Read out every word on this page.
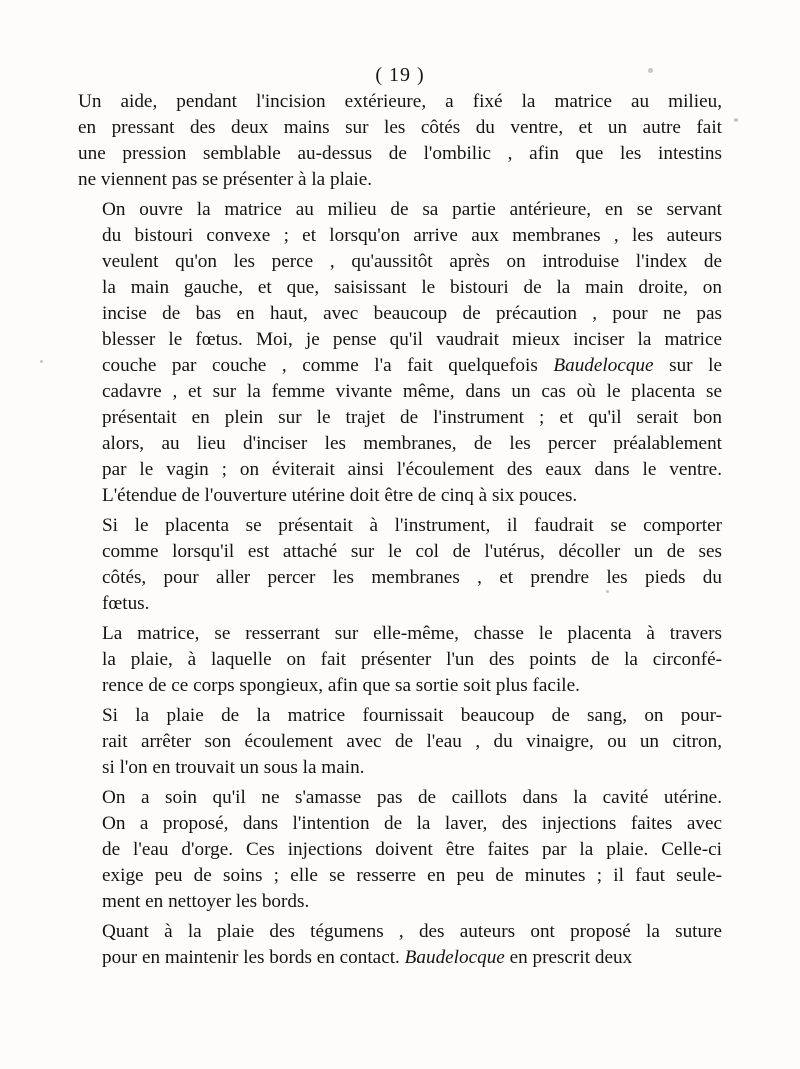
( 19 )

Un aide, pendant l'incision extérieure, a fixé la matrice au milieu,
en pressant des deux mains sur les côtés du ventre, et un autre fait
une pression semblable au-dessus de l'ombilic , afin que les intestins
ne viennent pas se présenter à la plaie.

On ouvre la matrice au milieu de sa partie antérieure, en se servant
du bistouri convexe ; et lorsqu'on arrive aux membranes , les auteurs
veulent qu'on les perce , qu'aussitôt après on introduise l'index de
la main gauche, et que, saisissant le bistouri de la main droite, on
incise de bas en haut, avec beaucoup de précaution , pour ne pas
blesser le fœtus. Moi, je pense qu'il vaudrait mieux inciser la matrice
couche par couche , comme l'a fait quelquefois Baudelocque sur le
cadavre , et sur la femme vivante même, dans un cas où le placenta se
présentait en plein sur le trajet de l'instrument ; et qu'il serait bon
alors, au lieu d'inciser les membranes, de les percer préalablement
par le vagin ; on éviterait ainsi l'écoulement des eaux dans le ventre.
L'étendue de l'ouverture utérine doit être de cinq à six pouces.

Si le placenta se présentait à l'instrument, il faudrait se comporter
comme lorsqu'il est attaché sur le col de l'utérus, décoller un de ses
côtés, pour aller percer les membranes , et prendre les pieds du
fœtus.

La matrice, se resserrant sur elle-même, chasse le placenta à travers
la plaie, à laquelle on fait présenter l'un des points de la circonfé-
rence de ce corps spongieux, afin que sa sortie soit plus facile.

Si la plaie de la matrice fournissait beaucoup de sang, on pour-
rait arrêter son écoulement avec de l'eau , du vinaigre, ou un citron,
si l'on en trouvait un sous la main.

On a soin qu'il ne s'amasse pas de caillots dans la cavité utérine.
On a proposé, dans l'intention de la laver, des injections faites avec
de l'eau d'orge. Ces injections doivent être faites par la plaie. Celle-ci
exige peu de soins ; elle se resserre en peu de minutes ; il faut seule-
ment en nettoyer les bords.

Quant à la plaie des tégumens , des auteurs ont proposé la suture
pour en maintenir les bords en contact. Baudelocque en prescrit deux
